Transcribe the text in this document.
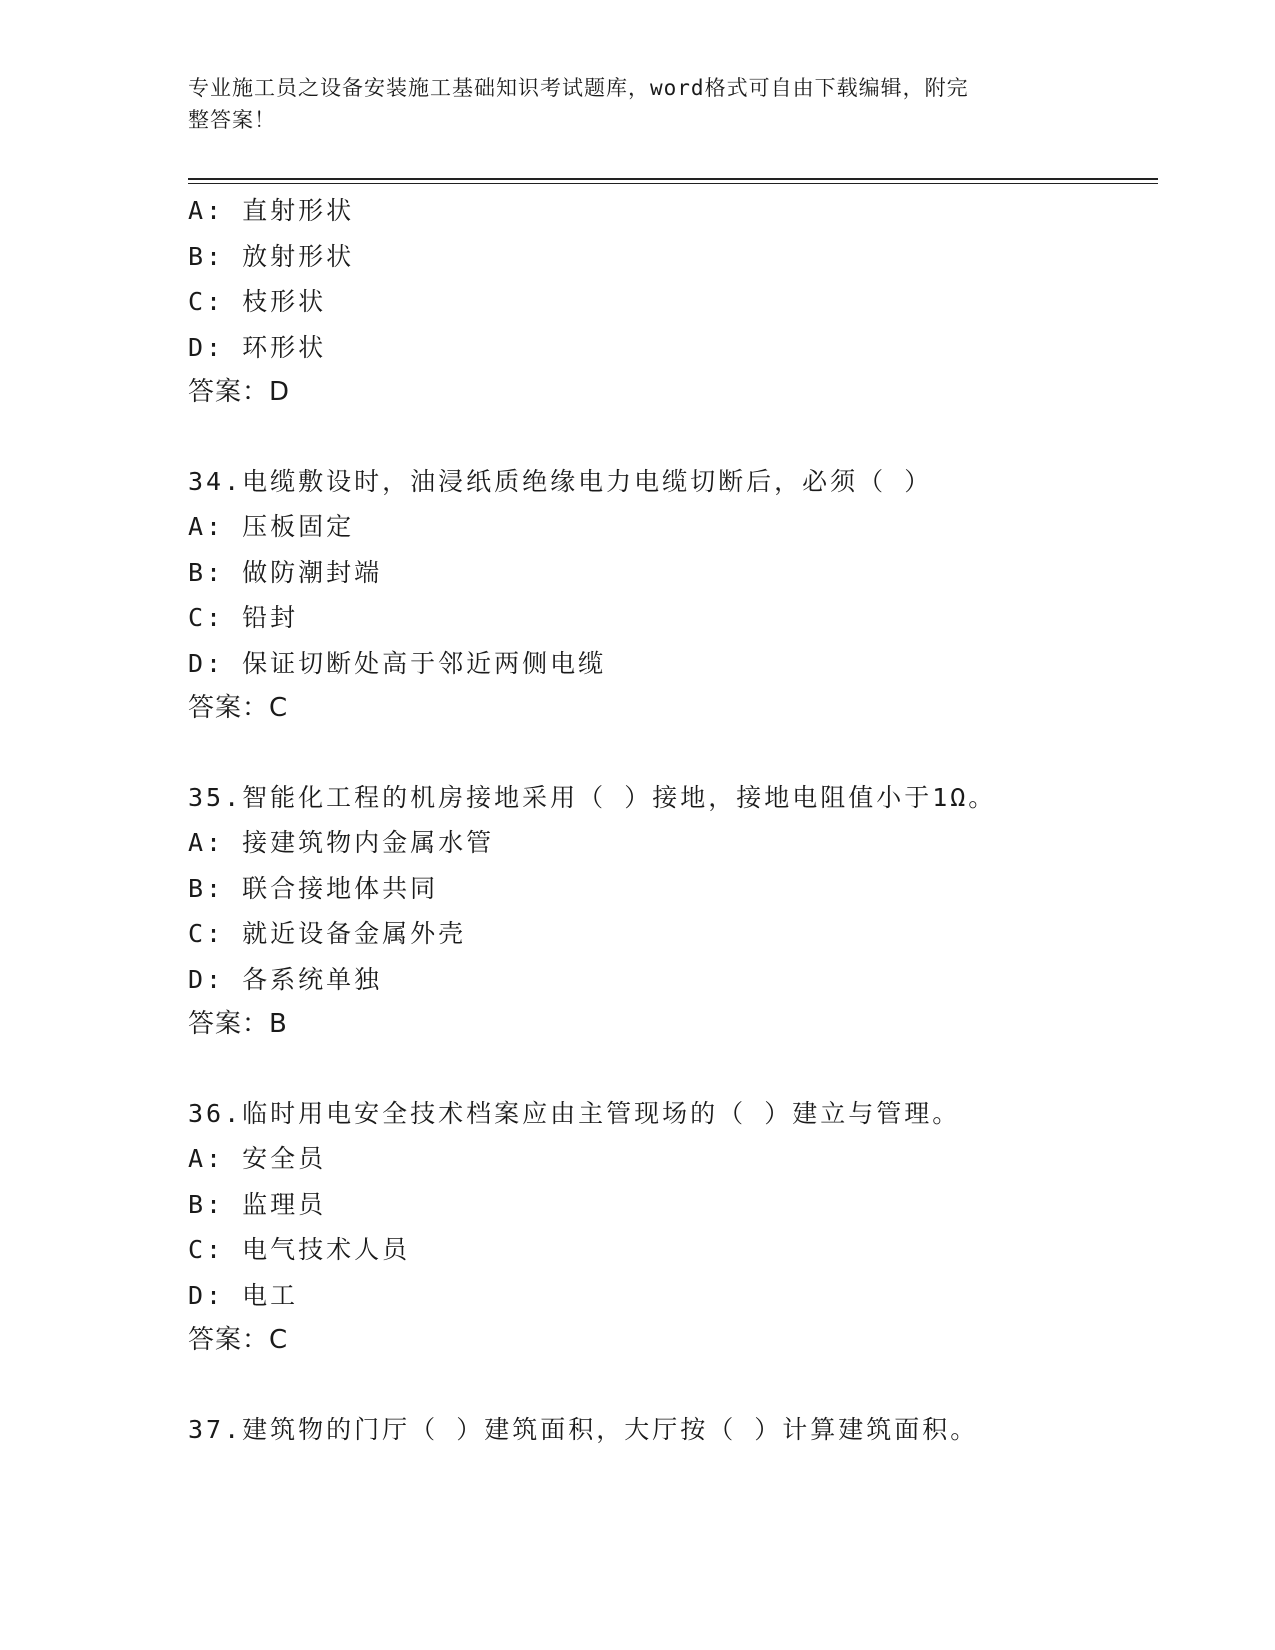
专业施工员之设备安装施工基础知识考试题库，word格式可自由下载编辑，附完
整答案！
A: 直射形状
B: 放射形状
C: 枝形状
D: 环形状
答案：D
34.电缆敷设时，油浸纸质绝缘电力电缆切断后，必须（ ）
A: 压板固定
B: 做防潮封端
C: 铅封
D: 保证切断处高于邻近两侧电缆
答案：C
35.智能化工程的机房接地采用（ ）接地，接地电阻值小于1Ω。
A: 接建筑物内金属水管
B: 联合接地体共同
C: 就近设备金属外壳
D: 各系统单独
答案：B
36.临时用电安全技术档案应由主管现场的（ ）建立与管理。
A: 安全员
B: 监理员
C: 电气技术人员
D: 电工
答案：C
37.建筑物的门厅（ ）建筑面积，大厅按（ ）计算建筑面积。
